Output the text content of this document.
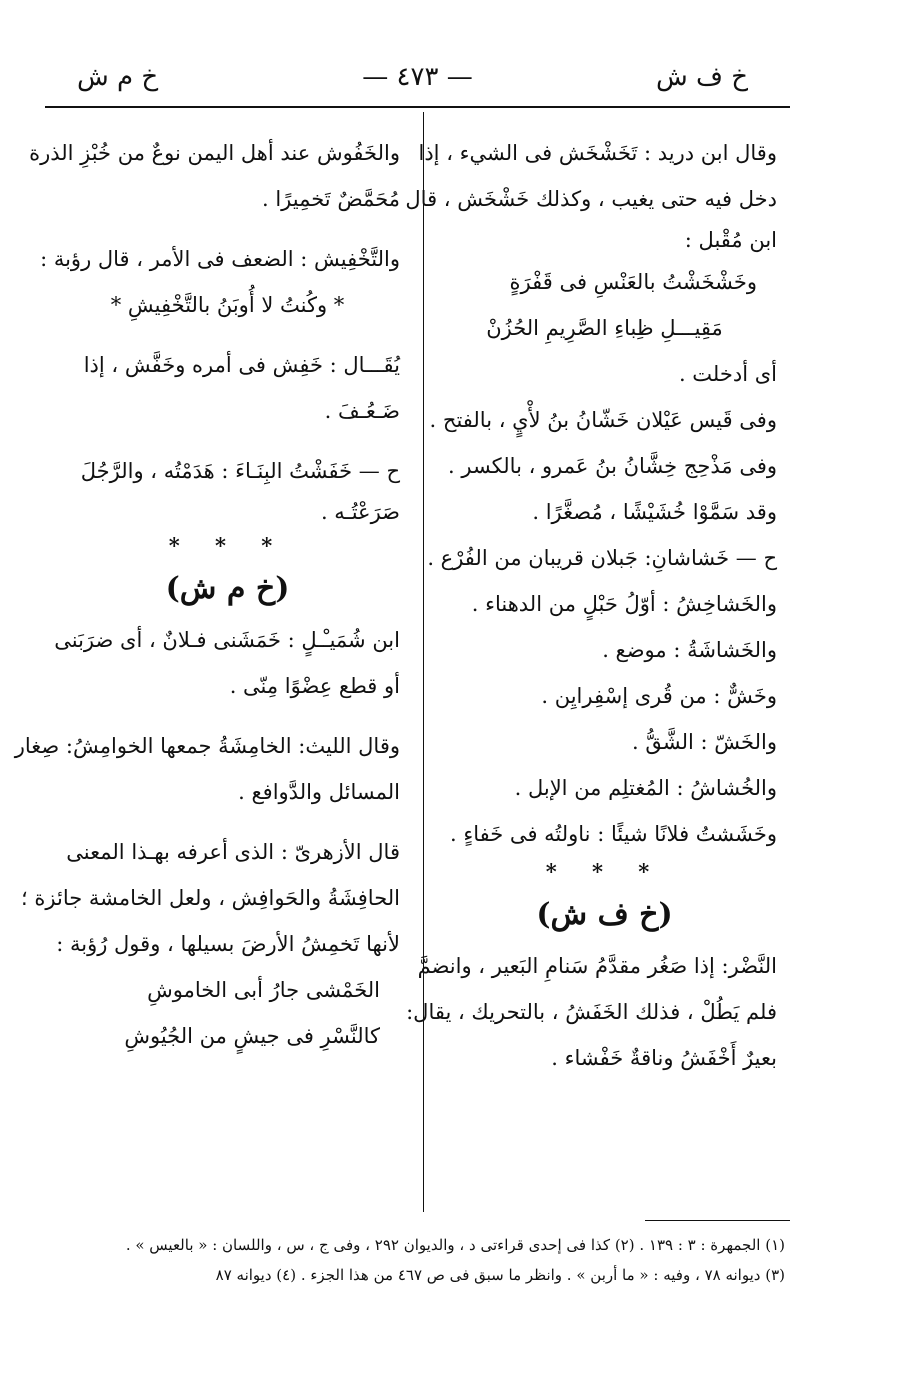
خ ف ش
— ٤٧٣ —
خ م ش
وقال ابن دريد : تَخَشْخَش فى الشيء ، إذا
دخل فيه حتى يغيب ، وكذلك خَشْخَش ، قال
ابن مُقْبل :
وخَشْخَشْتُ بالعَنْسِ فى قَفْرَةٍ
مَقِيـــلِ ظِباءِ الصَّرِيمِ الحُزُنْ
أى أدخلت .
وفى قَيس عَيْلان خَشّانُ بنُ لأْيٍ ، بالفتح .
وفى مَذْحِج خِشَّانُ بنُ عَمرو ، بالكسر .
وقد سَمَّوْا خُشَيْشًا ، مُصغَّرًا .
ح — خَشاشانِ: جَبلان قريبان من الفُرْع .
والخَشاخِشُ : أوّلُ حَبْلٍ من الدهناء .
والخَشاشَةُ : موضع .
وخَشٌّ : من قُرى إسْفِرايِن .
والخَشّ : الشَّقُّ .
والخُشاشُ : المُغتلِم من الإبل .
وخَشَشتُ فلانًا شيئًا : ناولتُه فى خَفاءٍ .
* * *
(خ ف ش)
النَّضْر: إذا صَغُر مقدَّمُ سَنامِ البَعير ، وانضمَّ
فلم يَطُلْ ، فذلك الخَفَشُ ، بالتحريك ، يقال:
بعيرٌ أَخْفَشُ وناقةٌ خَفْشاء .
والخَفُوش عند أهل اليمن نوعٌ من خُبْزِ الذرة
مُحَمَّضٌ تَخمِيرًا .
والتَّخْفِيش : الضعف فى الأمر ، قال رؤبة :
* وكُنتُ لا أُوبَنُ بالتَّخْفِيشِ *
يُقَـــال : خَفِش فى أمره وخَفَّش ، إذا
ضَـعُـفَ .
ح — خَفَشْتُ البِنَـاءَ : هَدَمْتُه ، والرَّجُلَ
صَرَعْتُـه .
* * *
(خ م ش)
ابن شُمَيـْـلٍ : خَمَشَنى فـلانٌ ، أى ضرَبَنى
أو قطع عِضْوًا مِنّى .
وقال الليث: الخامِشَةُ جمعها الخوامِشُ: صِغار
المسائل والدَّوافع .
قال الأزهرىّ : الذى أعرفه بهـذا المعنى
الحافِشَةُ والحَوافِش ، ولعل الخامشة جائزة ؛
لأنها تَخمِشُ الأرضَ بسيلها ، وقول رُؤبة :
الخَمْشى جارُ أبى الخاموشِ
كالنَّسْرِ فى جيشٍ من الجُيُوشِ
(١) الجمهرة : ٣ : ١٣٩ . (٢) كذا فى إحدى قراءتى د ، والديوان ٢٩٢ ، وفى ج ، س ، واللسان : « بالعيس » .
(٣) ديوانه ٧٨ ، وفيه : « ما أربن » . وانظر ما سبق فى ص ٤٦٧ من هذا الجزء . (٤) ديوانه ٨٧
